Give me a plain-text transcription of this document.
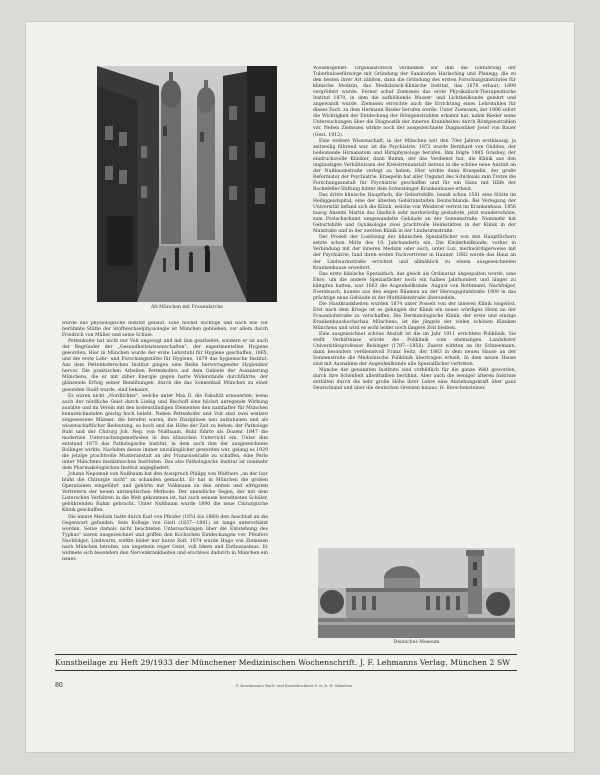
Alt-München mit Frauenkirche

wurde das physiologische Institut gebaut. Eine höchst wichtige und nach wie vor berühmte Stätte der Stoffwechselphysiologie ist München geblieben, vor allem durch Friedrich von Müller und seine Schule.

Pettenkofer hat nicht nur Voit angeregt und mit ihm gearbeitet, sondern er ist auch der Begründer der „Gesundheitswissenschaften", der experimentellen Hygiene geworden. Hier in München wurde der erste Lehrstuhl für Hygiene geschaffen, 1865, und die erste Lehr- und Forschungsstätte für Hygiene, 1879 das hygienische Institut. Aus dem Pettenkoferschen Institut gingen eine Reihe hervorragender Hygieniker hervor. Die praktischen Arbeiten Pettenkofers auf dem Gebiete der Assanierung Münchens, die er mit zäher Energie gegen harte Widerstände durchführte, der glänzende Erfolg seiner Bemühungen, durch die das Sonnenbad München zu einer gesunden Stadt wurde, sind bekannt.

Es waren nicht „Nordlichter", welche unter Max II. die Fakultät erneuerten, wenn auch der nördliche Geist durch Liebig und Bischoff eine höchst anregende Wirkung ausübte und im Verein mit den bodenständigen Elementen den namhafter für München kennzeichnenden geistig hoch belebt. Neben Pettenkofer und Voit sind zwei weitere eingesessene Männer, die berufen waren, ihre Disziplinen neu aufzubauen und als wissenschaftlicher Bedeutung, so hoch und die Höhe der Zeit zu heben: der Pathologe Buhl und der Chirurg Joh. Nep. von Nußbaum. Buhl führte als Dozent 1847 die modernen Untersuchungsmethoden in den klinischen Unterricht ein. Unter ihm entstand 1875 das Pathologische Institut, in dem auch ihm der ausgezeichnete Bollinger wirkte. Nachdem dieses immer unzulänglicher geworden war, gelang es 1929 die jetzige prachtvolle Musteranstalt an der Franzoisstraße zu schaffen, eine Perle unter Münchens medizinischen Instituten. Das alte Pathologische Institut ist nunmehr dem Pharmakologischen Institut angegliedert.

Johann Nepomuk von Nußbaum hat den Ausspruch Philipp von Walthers „an der Isar blüht die Chirurgie nicht" zu schanden gemacht. Er hat in München die großen Operationen eingeführt und gehörte mit Volkmann zu den ersten und eifrigsten Vertretern der neuen antiseptischen Methode. Der unendliche Segen, der mit dem Listerschen Verfahren in die Welt gekommen ist, hat auch seinem beredtesten Schüler, gebührenden Ruhm gebracht. Unter Nußbaum wurde 1890 die neue Chirurgische Klinik geschaffen.

Die innere Medizin hatte durch Karl von Pfeufer (1851 bis 1869) den Anschluß an die Gegenwart gefunden. Sein Kollege von Gietl (1837—1881) ist lange unterschätzt worden. Seine damals nicht beachteten Untersuchungen über die Entstehung des Typhus" waren ausgezeichnet und griffen den Kochschen Entdeckungen vor. Pfeufers Nachfolger, Lindwurm, wirkte leider nur kurze Zeit. 1874 wurde Hugo von Ziemssen nach München berufen, ein ungemein reger Geist, voll Ideen und Enthusiasmus. Er widmete sich besonders den Nervenkrankheiten und erschloss dadurch in München ein neues

Wissensgebiet. Organisatorisch verdanken wir ihm die Einführung der Tuberkulosefürsorge mit Gründung der Sanatorien Harlaching und Planegg; die zu den besten ihrer Art zählten, dann die Gründung des ersten Forschungsinstitutes für klinische Medizin, das Medizinisch-Klinische Institut, das 1876 erbaut, 1899 vergrößert wurde. Ferner schuf Ziemssen das erste Physikalisch-Therapeutische Institut 1879, in dem die aufblühende Wasser- und Lichtheilkunde gelehrt und angewandt wurde. Ziemssen erreichte auch die Errichtung eines Lehrstuhles für dieses Fach, zu dem Hermann Rieder berufen wurde. Unter Ziemssen, der 1896 sofort die Wichtigkeit der Entdeckung der Röntgenstrahlen erkannt hat, nahm Rieder seine Untersuchungen über die Diagnostik der inneren Krankheiten durch Röntgenstrahlen vor. Neben Ziemssen wirkte noch der ausgezeichnete Diagnostiker Josef von Bauer (Gest. 1912).

Eine weitere Wissenschaft, in der München seit den 70er Jahren erstklassig, ja zeitweilig führend war, ist die Psychiatrie. 1872 wurde Bernhard von Gudden, der bedeutende Hirnanatom und Hirnphysiologe berufen. Ihm folgte 1885 Grashey, der eindrucksvolle Kliniker, dann Bumm, der das Verdienst hat, die Klinik aus den ungünstigen Verhältnissen der Kreisirrenanstalt heraus in die schöne neue Anstalt an der Nußbaumstraße verlegt zu haben. Hier wirkte dann Kraepelin, der große Reformator der Psychiatrie. Kraepelin hat aller Ungunst des Schicksals zum Trotze die Forschungsanstalt für Psychiatrie geschaffen und für ein Haus mit Hilfe der Rockefeller-Stiftung hinter dem Schwabinger Krankenhause erbaut.

Das dritte klinische Hauptfach, die Geburtshilfe, besaß schon 1581 eine Stätte im Heiliggeistspital, eine der ältesten Gebäranstalten Deutschlands. Bei Verlegung der Universität befand sich die Klinik, welche von Weisbrod vertrat im Krankenhaus. 1856 bezog Anselm Martin das ländlich sehr merkwürdig gestaltete, jetzt wunderschöne, zum Postscheckamt umgewandelte Gebäude an der Sonnenstraße. Nummehr hat Geburtshilfe und Gynäkologie zwei prachtvolle Heimstätten in der Klinik in der Maistraße und in der zweiten Klinik in der Lindwurmstraße.

Der Prozeß der Loslösung der klinischen Spezialfächer von den Hauptfächern setzte schon Mitte des 19. Jahrhunderts ein. Die Kinderheilkunde, vorher in Verbindung mit der inneren Medizin oder auch, unter Luz, merkwürdigerweise mit der Psychiatrie, fand ihren ersten Fachvertreter in Hauner. 1882 wurde das Haus an der Lindwurmstraße errichtet und allmählich zu einem ausgezeichneten Krankenhause erweitert.

Das erste klinische Spezialfach, das gleich als Ordinariat abgespalten wurde, eine Ehre, um die andere Spezialfächer noch ein halbes Jahrhundert und länger zu kämpfen hatten, war 1863 die Augenheilkunde. August von Rothmund, Nachfolger, Eversbusch, konnte aus den engen Räumen an der Herzogspitalstraße 1909 in das prächtige neue Gebäude in der Mathildenstraße übersiedeln.

Die Hautkrankheiten wurden 1874 unter Posselt von der inneren Klinik losgelöst. Erst nach dem Kriege ist es gelungen der Klinik ein neues würdiges Heim an der Frauenlobstraße zu verschaffen. Die Dermatologische Klinik, der erste und einzige Krankenhausbochschau Münchens, ist die jüngste der vielen schönen Kliniken Münchens und wird es wohl leider noch längere Zeit bleiben.

Eine ausgezeichnet schöne Anstalt ist die im Jahr 1911 errichtete Poliklinik. Sie stellt Verhältnisse würde die Poliklinik vom ehemaligen Landshuter Universitätsprofessor Reisinger (1787—1858). Zuerst wirkten an ihr Schneemann, dann besonders verdienstvoll Franz Seitz, der 1863 in dem neuen Hause an der Sonnenstraße die Medizinische Poliklinik übertragen erhielt. In dem neuen Hause sind mit Ausnahme der Augenheilkunde alle Spezialfächer vertreten.

Manche der genannten Institute sind vorbildlich für die ganze Welt geworden, durch ihre Schönheit allenthalben berühmt. Aber auch die weniger älteren Institute entfalten durch die sehr große Höhe ihrer Lehre eine Anziehungskraft über ganz Deutschland und über die deutschen Grenzen hinaus. H. Kerschensteiner.

Deutsches Museum
Kunstbeilage zu Heft 29/1933 der Münchener Medizinischen Wochenschrift. J. F. Lehmanns Verlag, München 2 SW
80	F. Bruckmann's Buch- und Kunstdruckerei G. m. b. H. München
